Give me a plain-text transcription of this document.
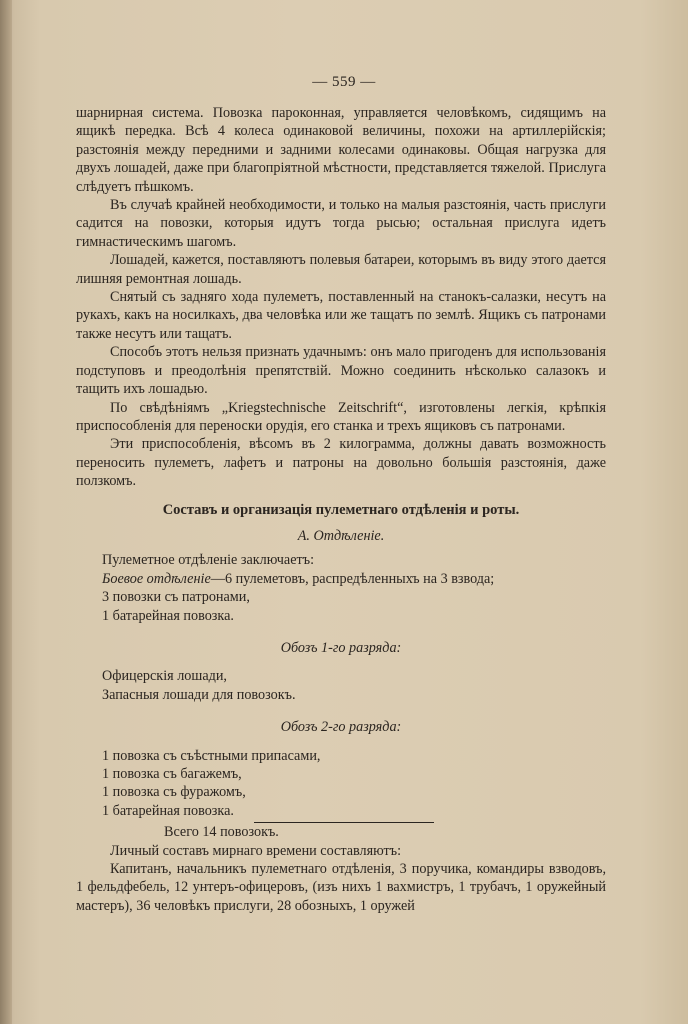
— 559 —

шарнирная система. Повозка пароконная, управляется человѣкомъ, сидящимъ на ящикѣ передка. Всѣ 4 колеса одинаковой величины, похожи на артиллерійскія; разстоянія между передними и задними колесами одинаковы. Общая нагрузка для двухъ лошадей, даже при благопріятной мѣстности, представляется тяжелой. Прислуга слѣдуетъ пѣшкомъ.

Въ случаѣ крайней необходимости, и только на малыя разстоянія, часть прислуги садится на повозки, которыя идутъ тогда рысью; остальная прислуга идетъ гимнастическимъ шагомъ.

Лошадей, кажется, поставляютъ полевыя батареи, которымъ въ виду этого дается лишняя ремонтная лошадь.

Снятый съ задняго хода пулеметъ, поставленный на станокъ-салазки, несутъ на рукахъ, какъ на носилкахъ, два человѣка или же тащатъ по землѣ. Ящикъ съ патронами также несутъ или тащатъ.

Способъ этотъ нельзя признать удачнымъ: онъ мало пригоденъ для использованія подступовъ и преодолѣнія препятствій. Можно соединить нѣсколько салазокъ и тащить ихъ лошадью.

По свѣдѣніямъ „Kriegstechnische Zeitschrift“, изготовлены легкія, крѣпкія приспособленія для переноски орудія, его станка и трехъ ящиковъ съ патронами.

Эти приспособленія, вѣсомъ въ 2 килограмма, должны давать возможность переносить пулеметъ, лафетъ и патроны на довольно большія разстоянія, даже ползкомъ.

Составъ и организація пулеметнаго отдѣленія и роты.

А. Отдѣленіе.

Пулеметное отдѣленіе заключаетъ:

Боевое отдѣленіе—6 пулеметовъ, распредѣленныхъ на 3 взвода;

3 повозки съ патронами,

1 батарейная повозка.

Обозъ 1-го разряда:

Офицерскія лошади,

Запасныя лошади для повозокъ.

Обозъ 2-го разряда:

1 повозка съ съѣстными припасами,

1 повозка съ багажемъ,

1 повозка съ фуражомъ,

1 батарейная повозка.

Всего 14 повозокъ.

Личный составъ мирнаго времени составляютъ:

Капитанъ, начальникъ пулеметнаго отдѣленія, 3 поручика, командиры взводовъ, 1 фельдфебель, 12 унтеръ-офицеровъ, (изъ нихъ 1 вахмистръ, 1 трубачъ, 1 оружейный мастеръ), 36 человѣкъ прислуги, 28 обозныхъ, 1 оружей
